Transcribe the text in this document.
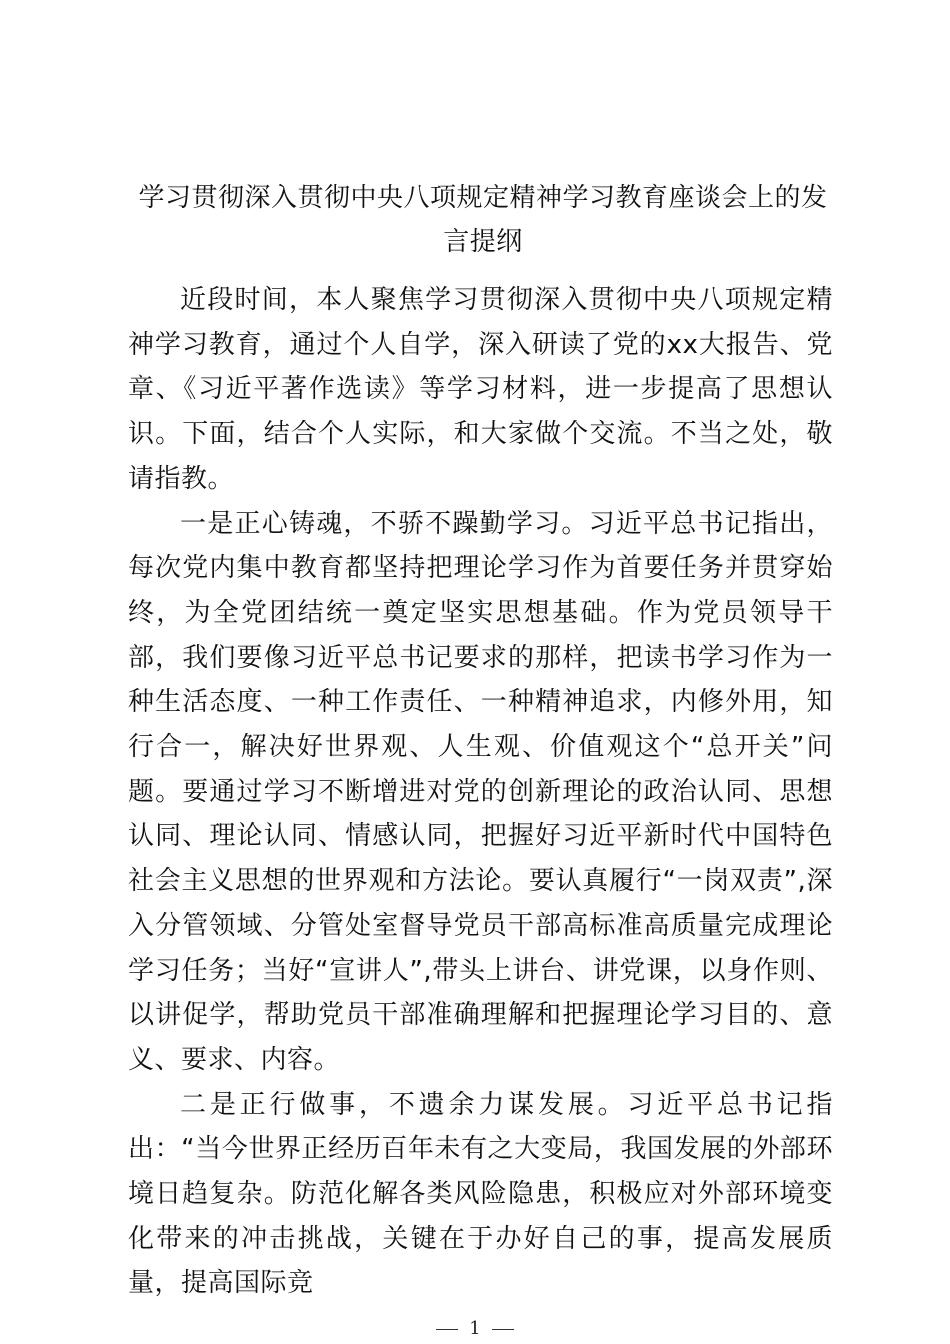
学习贯彻深入贯彻中央八项规定精神学习教育座谈会上的发言提纲

近段时间，本人聚焦学习贯彻深入贯彻中央八项规定精神学习教育，通过个人自学，深入研读了党的xx大报告、党章、《习近平著作选读》等学习材料，进一步提高了思想认识。下面，结合个人实际，和大家做个交流。不当之处，敬请指教。

一是正心铸魂，不骄不躁勤学习。习近平总书记指出，每次党内集中教育都坚持把理论学习作为首要任务并贯穿始终，为全党团结统一奠定坚实思想基础。作为党员领导干部，我们要像习近平总书记要求的那样，把读书学习作为一种生活态度、一种工作责任、一种精神追求，内修外用，知行合一，解决好世界观、人生观、价值观这个“总开关”问题。要通过学习不断增进对党的创新理论的政治认同、思想认同、理论认同、情感认同，把握好习近平新时代中国特色社会主义思想的世界观和方法论。要认真履行“一岗双责”,深入分管领域、分管处室督导党员干部高标准高质量完成理论学习任务；当好“宣讲人”,带头上讲台、讲党课，以身作则、以讲促学，帮助党员干部准确理解和把握理论学习目的、意义、要求、内容。

二是正行做事，不遗余力谋发展。习近平总书记指出：“当今世界正经历百年未有之大变局，我国发展的外部环境日趋复杂。防范化解各类风险隐患，积极应对外部环境变化带来的冲击挑战，关键在于办好自己的事，提高发展质量，提高国际竞

1
